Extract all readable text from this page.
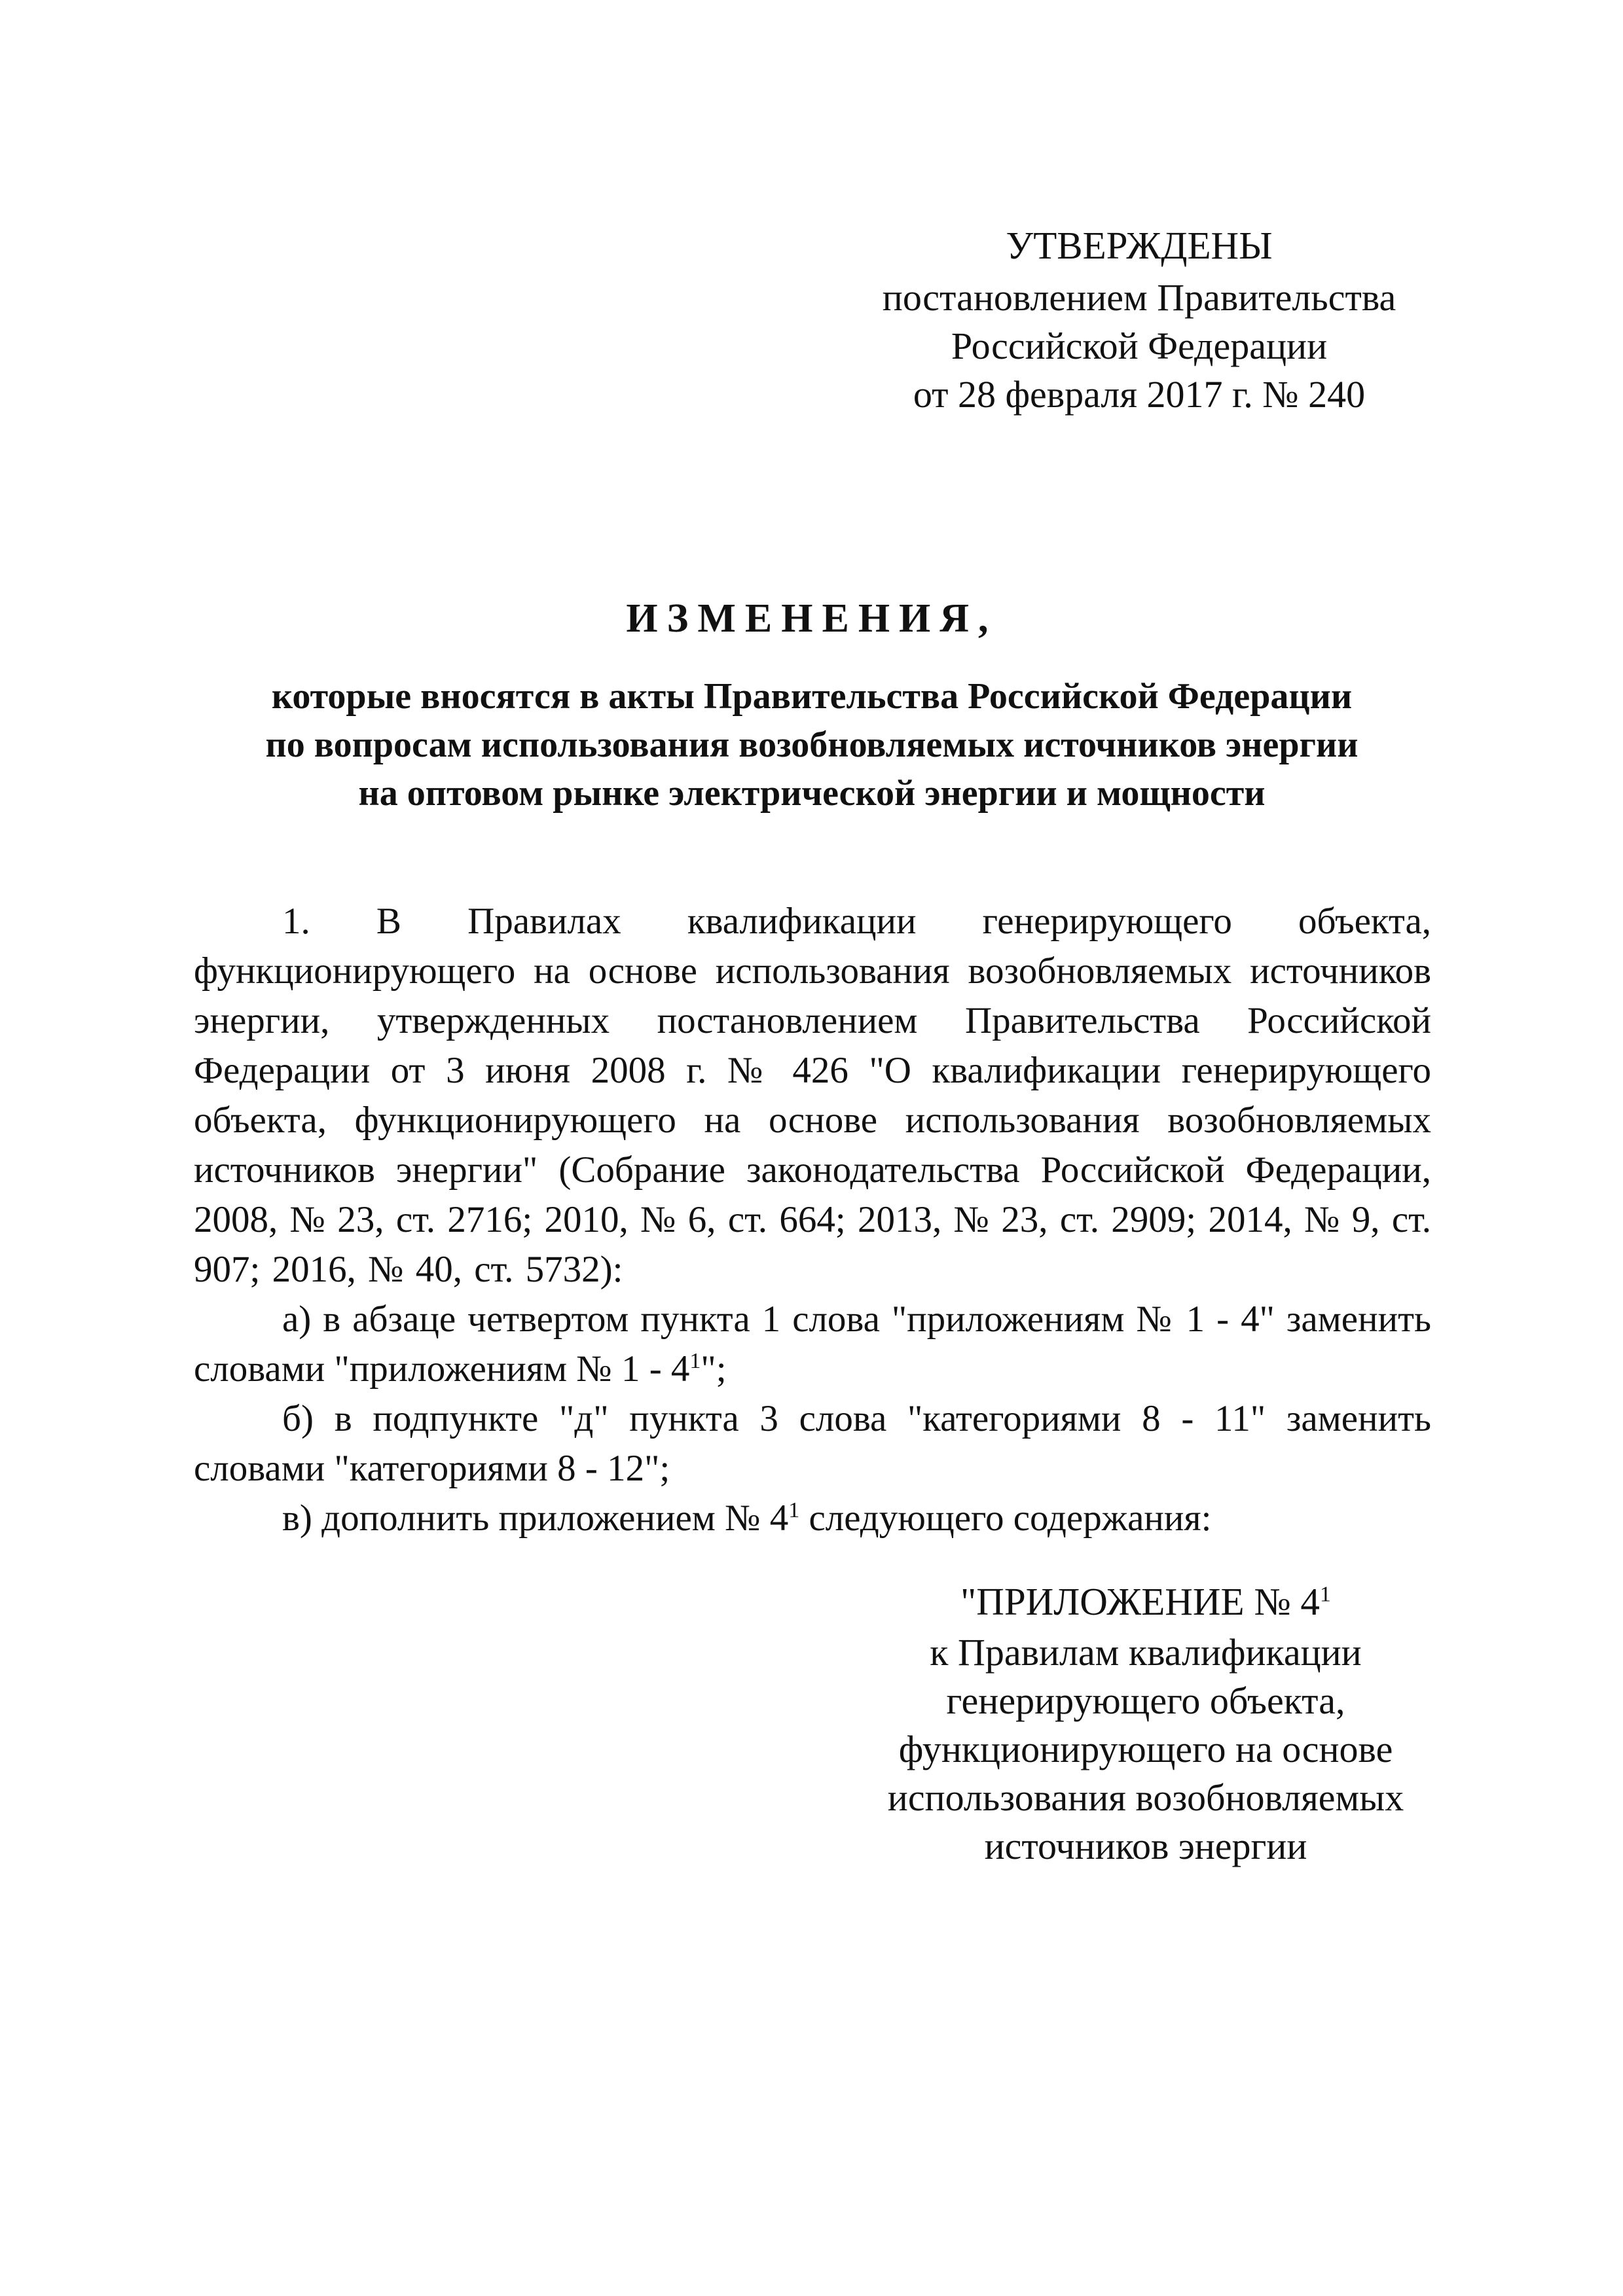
УТВЕРЖДЕНЫ
постановлением Правительства
Российской Федерации
от 28 февраля 2017 г. № 240
ИЗМЕНЕНИЯ,
которые вносятся в акты Правительства Российской Федерации
по вопросам использования возобновляемых источников энергии
на оптовом рынке электрической энергии и мощности

1. В Правилах квалификации генерирующего объекта, функционирующего на основе использования возобновляемых источников энергии, утвержденных постановлением Правительства Российской Федерации от 3 июня 2008 г. № 426 "О квалификации генерирующего объекта, функционирующего на основе использования возобновляемых источников энергии" (Собрание законодательства Российской Федерации, 2008, № 23, ст. 2716; 2010, № 6, ст. 664; 2013, № 23, ст. 2909; 2014, № 9, ст. 907; 2016, № 40, ст. 5732):

а) в абзаце четвертом пункта 1 слова "приложениям № 1 - 4" заменить словами "приложениям № $1 - 4^1$";

б) в подпункте "д" пункта 3 слова "категориями 8 - 11" заменить словами "категориями 8 - 12";

в) дополнить приложением № $4^1$ следующего содержания:

"ПРИЛОЖЕНИЕ № $4^1$
к Правилам квалификации
генерирующего объекта,
функционирующего на основе
использования возобновляемых
источников энергии
